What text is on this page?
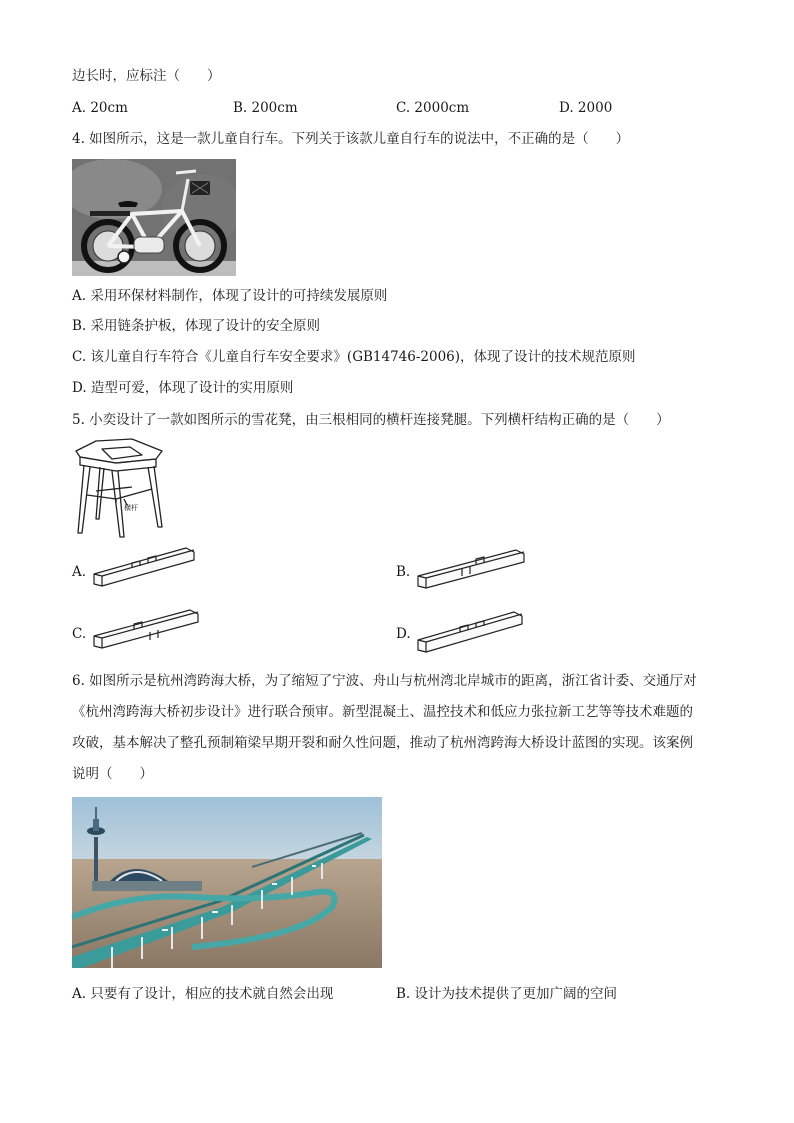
边长时，应标注（　　）
A. 20cm	B. 200cm	C. 2000cm	D. 2000
4. 如图所示，这是一款儿童自行车。下列关于该款儿童自行车的说法中，不正确的是（　　）
A. 采用环保材料制作，体现了设计的可持续发展原则
B. 采用链条护板，体现了设计的安全原则
C. 该儿童自行车符合《儿童自行车安全要求》(GB14746-2006)，体现了设计的技术规范原则
D. 造型可爱，体现了设计的实用原则
5. 小奕设计了一款如图所示的雪花凳，由三根相同的横杆连接凳腿。下列横杆结构正确的是（　　）
横杆
A.	B.
C.	D.
6. 如图所示是杭州湾跨海大桥，为了缩短了宁波、舟山与杭州湾北岸城市的距离，浙江省计委、交通厅对
《杭州湾跨海大桥初步设计》进行联合预审。新型混凝土、温控技术和低应力张拉新工艺等等技术难题的
攻破，基本解决了整孔预制箱梁早期开裂和耐久性问题，推动了杭州湾跨海大桥设计蓝图的实现。该案例
说明（　　）
A. 只要有了设计，相应的技术就自然会出现	B. 设计为技术提供了更加广阔的空间
